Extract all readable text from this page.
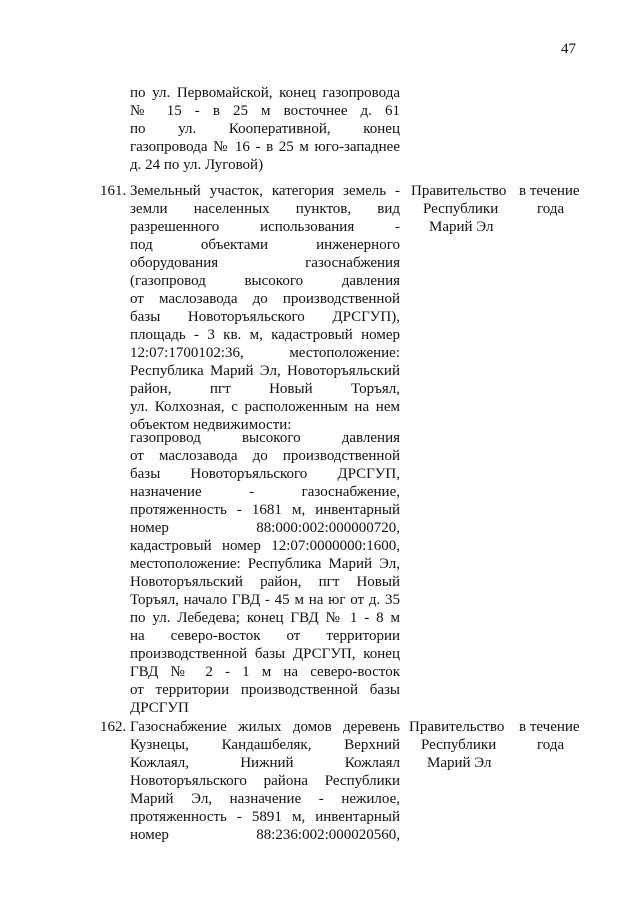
47
по ул. Первомайской, конец газопровода
№ 15 - в 25 м восточнее д. 61
по ул. Кооперативной, конец
газопровода № 16 - в 25 м юго-западнее
д. 24 по ул. Луговой)
161. Земельный участок, категория земель -
земли населенных пунктов, вид
разрешенного использования -
под объектами инженерного
оборудования газоснабжения
(газопровод высокого давления
от маслозавода до производственной
базы Новоторъяльского ДРСГУП),
площадь - 3 кв. м, кадастровый номер
12:07:1700102:36, местоположение:
Республика Марий Эл, Новоторъяльский
район, пгт Новый Торъял,
ул. Колхозная, с расположенным на нем
объектом недвижимости:
газопровод высокого давления
от маслозавода до производственной
базы Новоторъяльского ДРСГУП,
назначение - газоснабжение,
протяженность - 1681 м, инвентарный
номер 88:000:002:000000720,
кадастровый номер 12:07:0000000:1600,
местоположение: Республика Марий Эл,
Новоторъяльский район, пгт Новый
Торъял, начало ГВД - 45 м на юг от д. 35
по ул. Лебедева; конец ГВД № 1 - 8 м
на северо-восток от территории
производственной базы ДРСГУП, конец
ГВД № 2 - 1 м на северо-восток
от территории производственной базы
ДРСГУП
Правительство
Республики
Марий Эл
в течение
года
162. Газоснабжение жилых домов деревень
Кузнецы, Кандашбеляк, Верхний
Кожлаял, Нижний Кожлаял
Новоторъяльского района Республики
Марий Эл, назначение - нежилое,
протяженность - 5891 м, инвентарный
номер 88:236:002:000020560,
Правительство
Республики
Марий Эл
в течение
года
